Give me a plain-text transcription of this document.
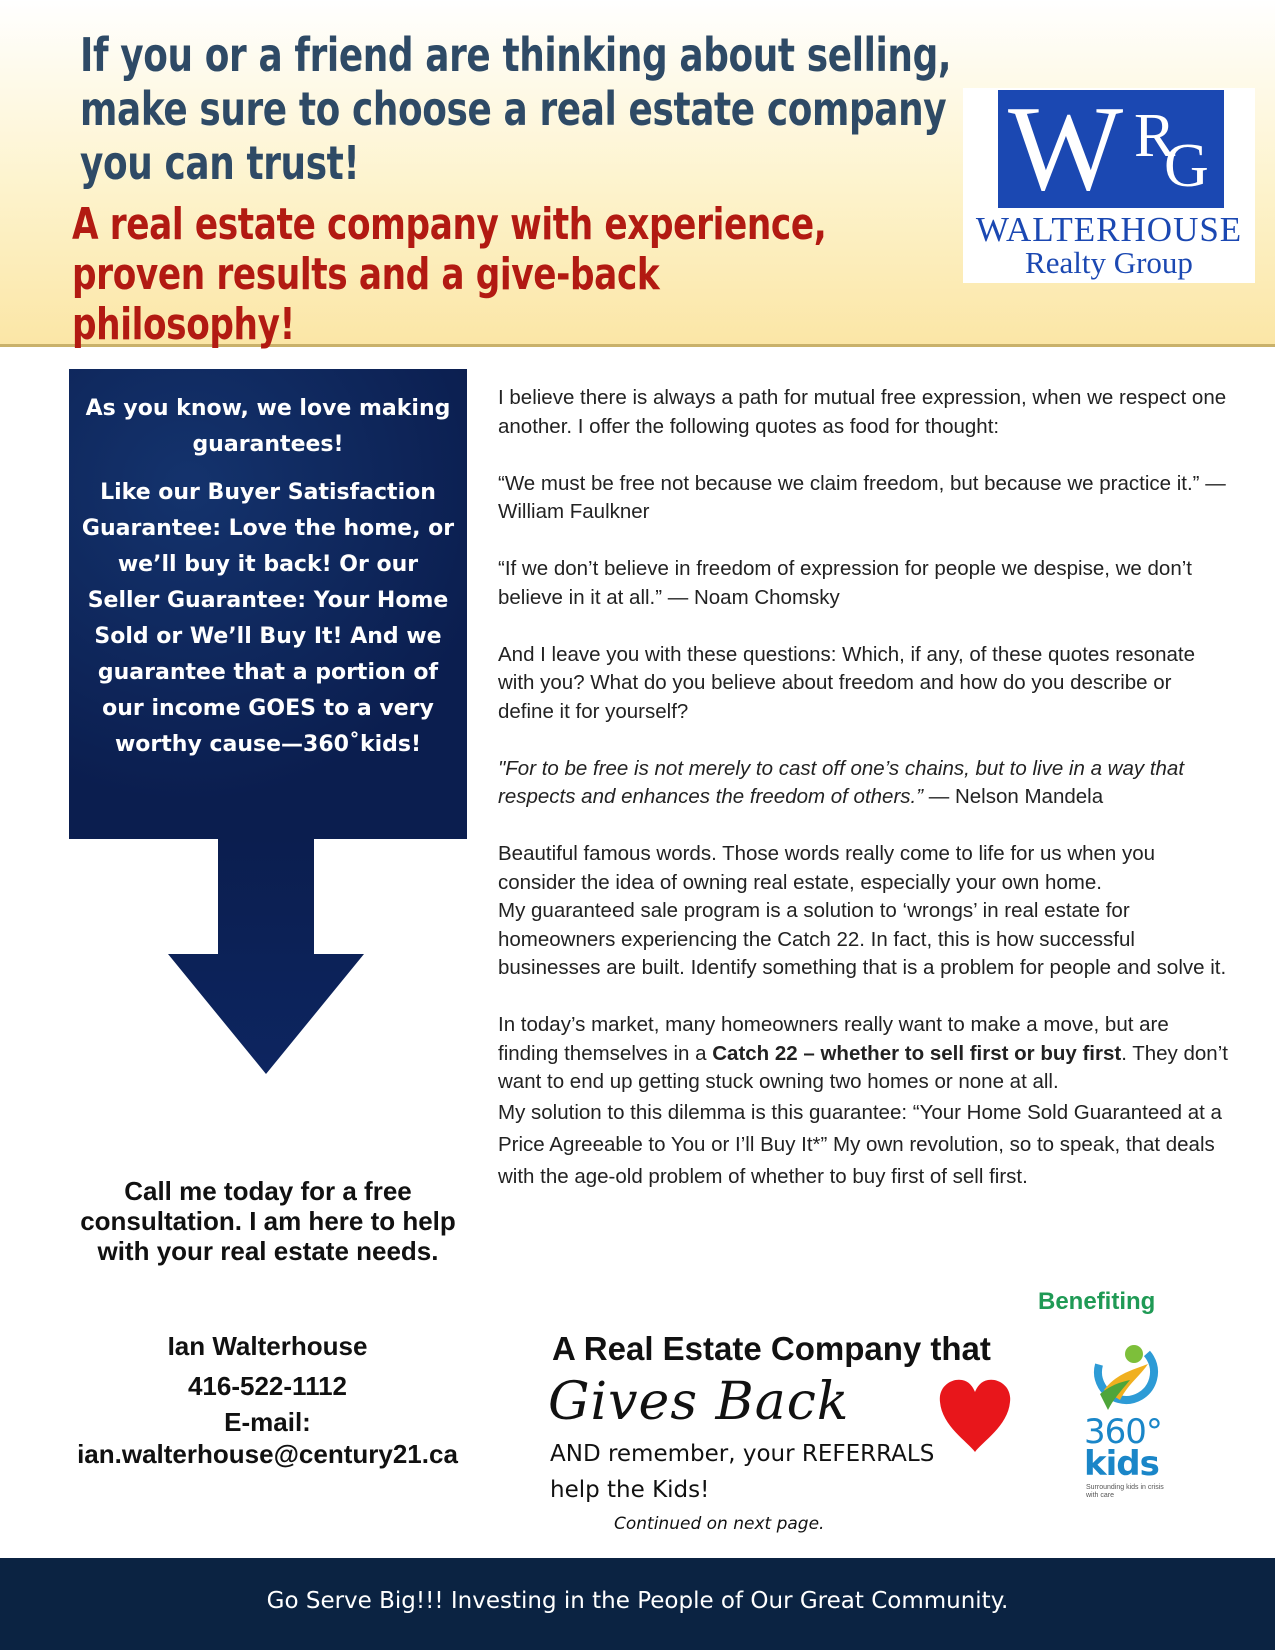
If you or a friend are thinking about selling,
make sure to choose a real estate company
you can trust!
A real estate company with experience,
proven results and a give-back philosophy!
W R
G
WALTERHOUSE
Realty Group

As you know, we love making guarantees!

Like our Buyer Satisfaction Guarantee: Love the home, or we’ll buy it back! Or our Seller Guarantee: Your Home Sold or We’ll Buy It! And we guarantee that a portion of our income GOES to a very worthy cause—360˚kids!

Call me today for a free consultation. I am here to help with your real estate needs.
Ian Walterhouse
416-522-1112
E-mail:
ian.walterhouse@century21.ca

I believe there is always a path for mutual free expression, when we respect one another. I offer the following quotes as food for thought:

“We must be free not because we claim freedom, but because we practice it.” — William Faulkner

“If we don’t believe in freedom of expression for people we despise, we don’t believe in it at all.” — Noam Chomsky

And I leave you with these questions: Which, if any, of these quotes resonate with you? What do you believe about freedom and how do you describe or define it for yourself?

"For to be free is not merely to cast off one’s chains, but to live in a way that respects and enhances the freedom of others.” — Nelson Mandela

Beautiful famous words. Those words really come to life for us when you consider the idea of owning real estate, especially your own home.

My guaranteed sale program is a solution to ‘wrongs’ in real estate for homeowners experiencing the Catch 22. In fact, this is how successful businesses are built. Identify something that is a problem for people and solve it.

In today’s market, many homeowners really want to make a move, but are finding themselves in a Catch 22 – whether to sell first or buy first. They don’t want to end up getting stuck owning two homes or none at all.

My solution to this dilemma is this guarantee: “Your Home Sold Guaranteed at a Price Agreeable to You or I’ll Buy It*” My own revolution, so to speak, that deals with the age-old problem of whether to buy first of sell first.

Benefiting
A Real Estate Company that
Gives Back
AND remember, your REFERRALS help the Kids!
Continued on next page.
360°
kids
Surrounding kids in crisis with care
Go Serve Big!!! Investing in the People of Our Great Community.
